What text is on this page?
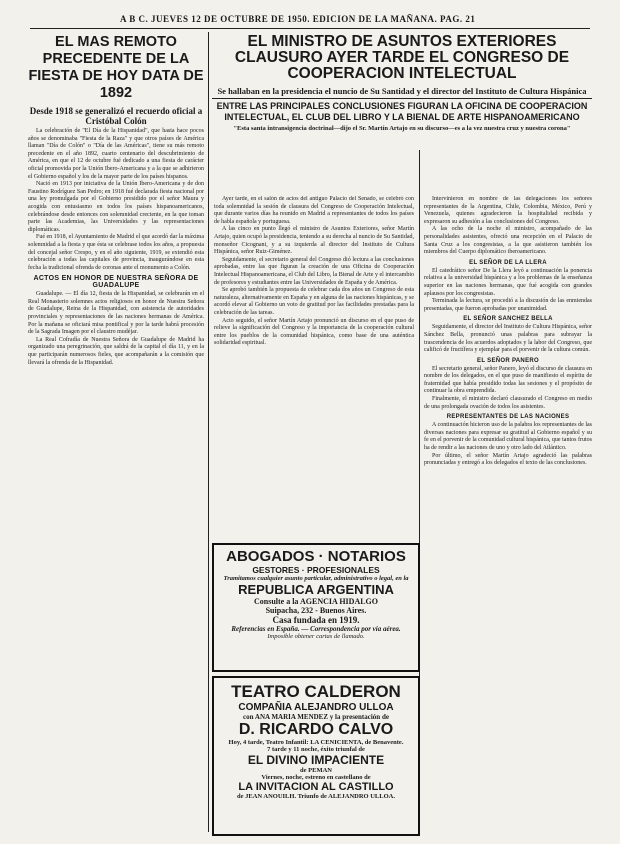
A B C. JUEVES 12 DE OCTUBRE DE 1950. EDICION DE LA MAÑANA. PAG. 21

EL MAS REMOTO PRECEDENTE DE LA FIESTA DE HOY DATA DE 1892

Desde 1918 se generalizó el recuerdo oficial a Cristóbal Colón

La celebración de "El Día de la Hispanidad", que hasta hace pocos años se denominaba "Fiesta de la Raza" y que otros países de América llaman "Día de Colón" o "Día de las Américas", tiene su más remoto precedente en el año 1892, cuarto centenario del descubrimiento de América, en que el 12 de octubre fué dedicado a una fiesta de carácter oficial promovida por la Unión Ibero-Americana y a la que se adhirieron el Gobierno español y los de la mayor parte de los países hispanos.

Nació en 1913 por iniciativa de la Unión Ibero-Americana y de don Faustino Rodríguez San Pedro; en 1918 fué declarada fiesta nacional por una ley promulgada por el Gobierno presidido por el señor Maura y acogida con entusiasmo en todos los países hispanoamericanos, celebrándose desde entonces con solemnidad creciente, en la que toman parte las Academias, las Universidades y las representaciones diplomáticas.

Fué en 1918, el Ayuntamiento de Madrid el que acordó dar la máxima solemnidad a la fiesta y que ésta se celebrase todos los años, a propuesta del concejal señor Crespo, y en el año siguiente, 1919, se extendió esta celebración a todas las capitales de provincia, inaugurándose en esta fecha la tradicional ofrenda de coronas ante el monumento a Colón.

ACTOS EN HONOR DE NUESTRA SEÑORA DE GUADALUPE

Guadalupe. — El día 12, fiesta de la Hispanidad, se celebrarán en el Real Monasterio solemnes actos religiosos en honor de Nuestra Señora de Guadalupe, Reina de la Hispanidad, con asistencia de autoridades provinciales y representaciones de las naciones hermanas de América. Por la mañana se oficiará misa pontifical y por la tarde habrá procesión de la Sagrada Imagen por el claustro mudéjar.

La Real Cofradía de Nuestra Señora de Guadalupe de Madrid ha organizado una peregrinación, que saldrá de la capital el día 11, y en la que participarán numerosos fieles, que acompañarán a la comisión que llevará la ofrenda de la Hispanidad.

EL MINISTRO DE ASUNTOS EXTERIORES CLAUSURO AYER TARDE EL CONGRESO DE COOPERACION INTELECTUAL

Se hallaban en la presidencia el nuncio de Su Santidad y el director del Instituto de Cultura Hispánica

ENTRE LAS PRINCIPALES CONCLUSIONES FIGURAN LA OFICINA DE COOPERACION INTELECTUAL, EL CLUB DEL LIBRO Y LA BIENAL DE ARTE HISPANOAMERICANO

"Esta santa intransigencia doctrinal—dijo el Sr. Martín Artajo en su discurso—es a la vez nuestra cruz y nuestra corona"

Ayer tarde, en el salón de actos del antiguo Palacio del Senado, se celebró con toda solemnidad la sesión de clausura del Congreso de Cooperación Intelectual, que durante varios días ha reunido en Madrid a representantes de todos los países de habla española y portuguesa.

A las cinco en punto llegó el ministro de Asuntos Exteriores, señor Martín Artajo, quien ocupó la presidencia, teniendo a su derecha al nuncio de Su Santidad, monseñor Cicognani, y a su izquierda al director del Instituto de Cultura Hispánica, señor Ruiz-Giménez.

Seguidamente, el secretario general del Congreso dió lectura a las conclusiones aprobadas, entre las que figuran la creación de una Oficina de Cooperación Intelectual Hispanoamericana, el Club del Libro, la Bienal de Arte y el intercambio de profesores y estudiantes entre las Universidades de España y de América.

Se aprobó también la propuesta de celebrar cada dos años un Congreso de esta naturaleza, alternativamente en España y en alguna de las naciones hispánicas, y se acordó elevar al Gobierno un voto de gratitud por las facilidades prestadas para la celebración de las tareas.

Acto seguido, el señor Martín Artajo pronunció un discurso en el que puso de relieve la significación del Congreso y la importancia de la cooperación cultural entre los pueblos de la comunidad hispánica, como base de una auténtica solidaridad espiritual.

Intervinieron en nombre de las delegaciones los señores representantes de la Argentina, Chile, Colombia, México, Perú y Venezuela, quienes agradecieron la hospitalidad recibida y expresaron su adhesión a las conclusiones del Congreso.

A las ocho de la noche el ministro, acompañado de las personalidades asistentes, ofreció una recepción en el Palacio de Santa Cruz a los congresistas, a la que asistieron también los miembros del Cuerpo diplomático iberoamericano.

EL SEÑOR DE LA LLERA

El catedrático señor De la Llera leyó a continuación la ponencia relativa a la universidad hispánica y a los problemas de la enseñanza superior en las naciones hermanas, que fué acogida con grandes aplausos por los congresistas.

Terminada la lectura, se procedió a la discusión de las enmiendas presentadas, que fueron aprobadas por unanimidad.

EL SEÑOR SANCHEZ BELLA

Seguidamente, el director del Instituto de Cultura Hispánica, señor Sánchez Bella, pronunció unas palabras para subrayar la trascendencia de los acuerdos adoptados y la labor del Congreso, que calificó de fructífera y ejemplar para el porvenir de la cultura común.

EL SEÑOR PANERO

El secretario general, señor Panero, leyó el discurso de clausura en nombre de los delegados, en el que puso de manifiesto el espíritu de fraternidad que había presidido todas las sesiones y el propósito de continuar la obra emprendida.

Finalmente, el ministro declaró clausurado el Congreso en medio de una prolongada ovación de todos los asistentes.

REPRESENTANTES DE LAS NACIONES

A continuación hicieron uso de la palabra los representantes de las diversas naciones para expresar su gratitud al Gobierno español y su fe en el porvenir de la comunidad cultural hispánica, que tantos frutos ha de rendir a las naciones de uno y otro lado del Atlántico.

Por último, el señor Martín Artajo agradeció las palabras pronunciadas y entregó a los delegados el texto de las conclusiones.

ABOGADOS · NOTARIOS

GESTORES · PROFESIONALES

Tramitamos cualquier asunto particular, administrativo o legal, en la

REPUBLICA ARGENTINA

Consulte a la AGENCIA HIDALGO

Suipacha, 232 - Buenos Aires.

Casa fundada en 1919.

Referencias en España. — Correspondencia por vía aérea.

Imposible obtener cartas de llamado.

TEATRO CALDERON

COMPAÑIA ALEJANDRO ULLOA

con ANA MARIA MENDEZ y la presentación de

D. RICARDO CALVO

Hoy, 4 tarde, Teatro Infantil: LA CENICIENTA, de Benavente.

7 tarde y 11 noche, éxito triunfal de

EL DIVINO IMPACIENTE

de PEMAN

Viernes, noche, estreno en castellano de

LA INVITACION AL CASTILLO

de JEAN ANOUILH. Triunfo de ALEJANDRO ULLOA.
